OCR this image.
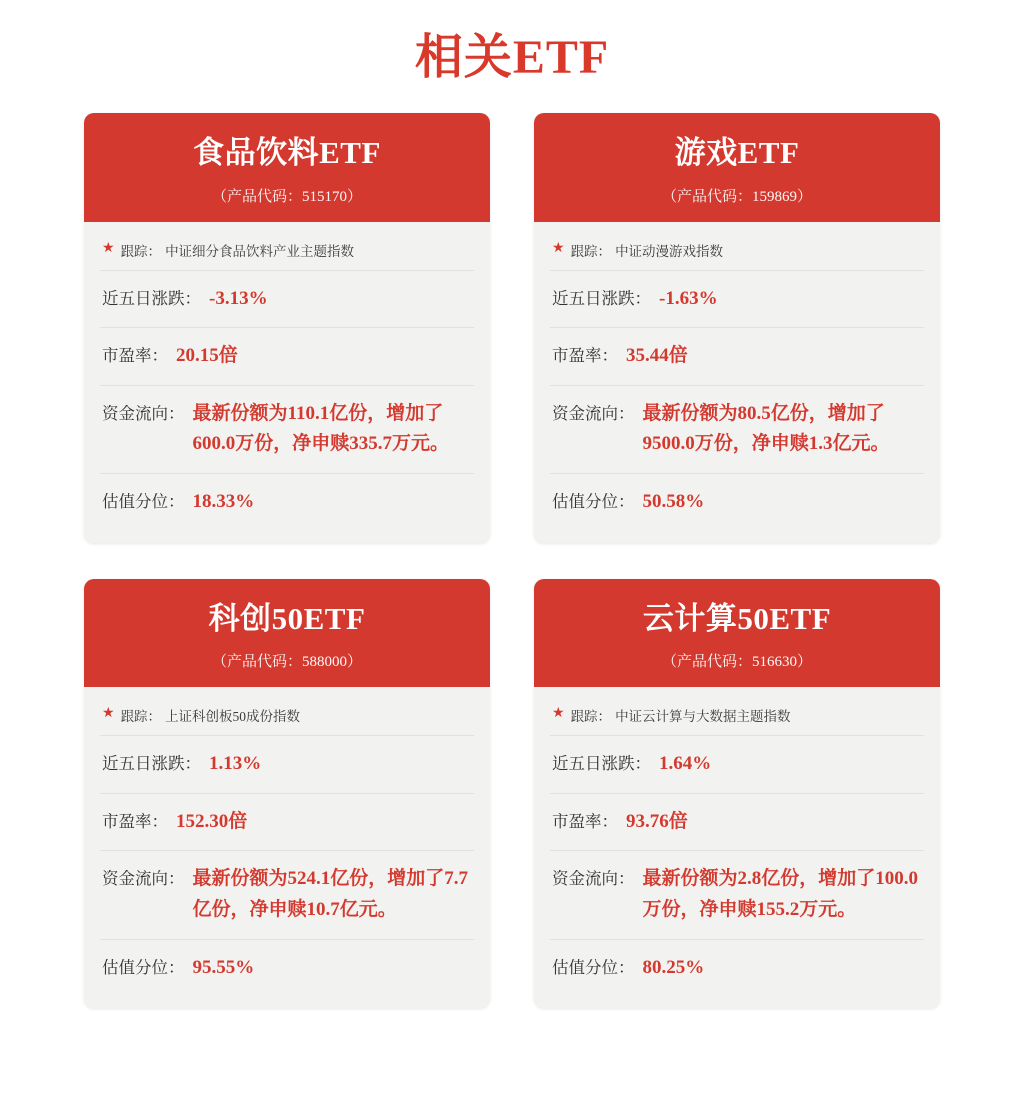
相关ETF
食品饮料ETF
（产品代码：515170）
★ 跟踪： 中证细分食品饮料产业主题指数
近五日涨跌： -3.13%
市盈率： 20.15倍
资金流向： 最新份额为110.1亿份，增加了600.0万份，净申赎335.7万元。
估值分位： 18.33%
游戏ETF
（产品代码：159869）
★ 跟踪： 中证动漫游戏指数
近五日涨跌： -1.63%
市盈率： 35.44倍
资金流向： 最新份额为80.5亿份，增加了9500.0万份，净申赎1.3亿元。
估值分位： 50.58%
科创50ETF
（产品代码：588000）
★ 跟踪： 上证科创板50成份指数
近五日涨跌： 1.13%
市盈率： 152.30倍
资金流向： 最新份额为524.1亿份，增加了7.7亿份，净申赎10.7亿元。
估值分位： 95.55%
云计算50ETF
（产品代码：516630）
★ 跟踪： 中证云计算与大数据主题指数
近五日涨跌： 1.64%
市盈率： 93.76倍
资金流向： 最新份额为2.8亿份，增加了100.0万份，净申赎155.2万元。
估值分位： 80.25%
